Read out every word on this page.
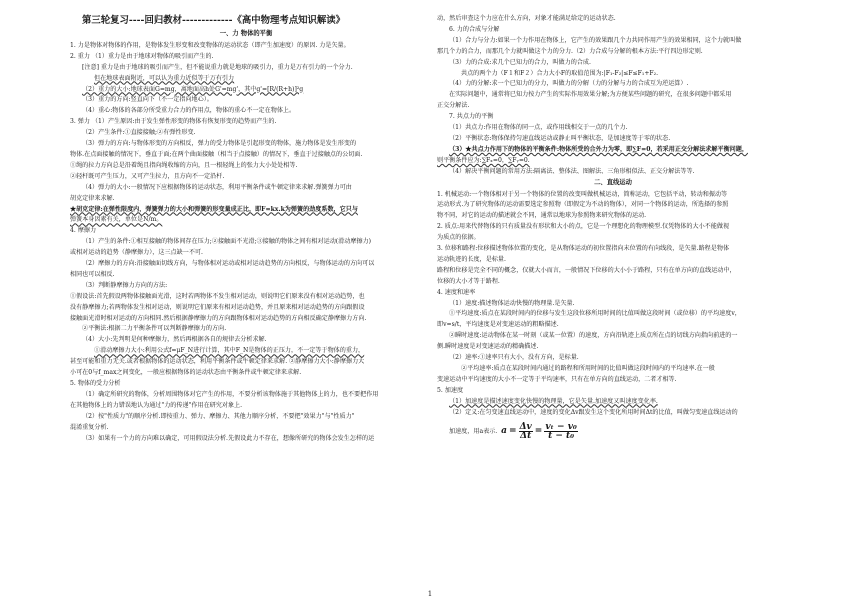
第三轮复习----回归教材-------------《高中物理考点知识解读》
一、力 物体的平衡
1. 力是物体对物体的作用，是物体发生形变和改变物体的运动状态（即产生加速度）的原因. 力是矢量。
2. 重力 （1）重力是由于地球对物体的吸引而产生的.
[注意] 重力是由于地球的吸引而产生，但不能说重力就是地球的吸引力，重力是万有引力的一个分力.
但在地球表面附近，可以认为重力近似等于万有引力
（2）重力的大小:地球表面G=mg，离地面高h处G'=mg'，其中g'=[R/(R+h)]²g
（3）重力的方向:竖直向下（不一定指向地心）。
（4）重心:物体的各部分所受重力合力的作用点，物体的重心不一定在物体上。
3. 弹力 （1）产生原因:由于发生弹性形变的物体有恢复形变的趋势而产生的.
（2）产生条件:①直接接触;②有弹性形变.
（3）弹力的方向:与物体形变的方向相反，弹力的受力物体是引起形变的物体，施力物体是发生形变的
物体.在点面接触的情况下，垂直于面;在两个曲面接触（相当于点接触）的情况下，垂直于过接触点的公切面.
①绳的拉力方向总是沿着绳且指向绳收缩的方向，且一根轻绳上的张力大小处处相等.
②轻杆既可产生压力，又可产生拉力，且方向不一定沿杆.
（4）弹力的大小:一般情况下应根据物体的运动状态，利用平衡条件或牛顿定律来求解.弹簧弹力可由
胡克定律来求解.
★胡克定律:在弹性限度内，弹簧弹力的大小和弹簧的形变量成正比，即F=kx.k为弹簧的劲度系数，它只与
弹簧本身因素有关，单位是N/m。
4. 摩擦力
（1）产生的条件:①相互接触的物体间存在压力;②接触面不光滑;③接触的物体之间有相对运动(滑动摩擦力)
或相对运动的趋势（静摩擦力），这三点缺一不可.
（2）摩擦力的方向:沿接触面切线方向，与物体相对运动或相对运动趋势的方向相反，与物体运动的方向可以
相同也可以相反.
（3）判断静摩擦力方向的方法:
①假设法:首先假设两物体接触面光滑，这时若两物体不发生相对运动，则说明它们原来没有相对运动趋势，也
没有静摩擦力;若两物体发生相对运动，则说明它们原来有相对运动趋势，并且原来相对运动趋势的方向跟假设
接触面光滑时相对运动的方向相同.然后根据静摩擦力的方向跟物体相对运动趋势的方向相反确定静摩擦力方向.
②平衡法:根据二力平衡条件可以判断静摩擦力的方向.
（4）大小:先判明是何种摩擦力，然后再根据各自的规律去分析求解.
①滑动摩擦力大小:利用公式f=μF_N进行计算，其中F_N是物体的正压力，不一定等于物体的重力，
甚至可能和重力无关.或者根据物体的运动状态，利用平衡条件或牛顿定律来求解. ②静摩擦力大小:静摩擦力大
小可在0与f_max之间变化，一般应根据物体的运动状态由平衡条件或牛顿定律来求解.
5. 物体的受力分析
（1）确定所研究的物体，分析周围物体对它产生的作用，不要分析该物体施于其他物体上的力，也不要把作用
在其他物体上的力错误地认为通过"力的传递"作用在研究对象上.
（2）按"性质力"的顺序分析.即按重力、弹力、摩擦力、其他力顺序分析，不要把"效果力"与"性质力"
混淆重复分析.
（3）如果有一个力的方向难以确定，可用假设法分析.先假设此力不存在，想像所研究的物体会发生怎样的运
动，然后审查这个力应在什么方向，对象才能满足给定的运动状态.
6. 力的合成与分解
（1）合力与分力:如果一个力作用在物体上，它产生的效果跟几个力共同作用产生的效果相同，这个力就叫做
那几个力的合力，而那几个力就叫做这个力的分力.（2）力合成与分解的根本方法:平行四边形定则.
（3）力的合成:求几个已知力的合力，叫做力的合成.
共点的两个力（F１和F２）合力大小F的取值范围为:|F₁-F₂|≤F≤F₁+F₂.
（4）力的分解:求一个已知力的分力，叫做力的分解（力的分解与力的合成互为逆运算）.
在实际问题中，通常将已知力按力产生的实际作用效果分解;为方便某些问题的研究，在很多问题中都采用
正交分解法.
7. 共点力的平衡
（1）共点力:作用在物体的同一点，或作用线相交于一点的几个力.
（2）平衡状态:物体保持匀速直线运动或静止叫平衡状态，是加速度等于零的状态.
（3）★共点力作用下的物体的平衡条件:物体所受的合外力为零，即∑F=0，若采用正交分解法求解平衡问题，
则平衡条件应为:∑Fₓ=0，∑Fᵧ=0.
（4）解决平衡问题的常用方法:隔离法、整体法、图解法、三角形相似法、正交分解法等等.
二、直线运动
1. 机械运动:一个物体相对于另一个物体的位置的改变叫做机械运动，简称运动，它包括平动，转动和振动等
运动形式.为了研究物体的运动需要选定参照物（即假定为不动的物体），对同一个物体的运动，所选择的参照
物不同，对它的运动的描述就会不同，通常以地球为参照物来研究物体的运动.
2. 质点:用来代替物体的只有质量没有形状和大小的点，它是一个理想化的物理模型.仅凭物体的大小不能做视
为质点的依据。
3. 位移和路程:位移描述物体位置的变化，是从物体运动的初位置指向末位置的有向线段，是矢量.路程是物体
运动轨迹的长度，是标量.
路程和位移是完全不同的概念，仅就大小而言，一般情况下位移的大小小于路程，只有在单方向的直线运动中，
位移的大小才等于路程.
4. 速度和速率
（1）速度:描述物体运动快慢的物理量.是矢量.
①平均速度:质点在某段时间内的位移与发生这段位移所用时间的比值叫做这段时间（或位移）的平均速度v，
即v=s/t，平均速度是对变速运动的粗略描述.
②瞬时速度:运动物体在某一时刻（或某一位置）的速度，方向沿轨迹上质点所在点的切线方向指向前进的一
侧.瞬时速度是对变速运动的精确描述.
（2）速率:①速率只有大小，没有方向，是标量.
②平均速率:质点在某段时间内通过的路程和所用时间的比值叫做这段时间内的平均速率.在一般
变速运动中平均速度的大小不一定等于平均速率，只有在单方向的直线运动，二者才相等.
5. 加速度
（1）加速度是描述速度变化快慢的物理量，它是矢量.加速度又叫速度变化率.
（2）定义:在匀变速直线运动中，速度的变化Δv跟发生这个变化所用时间Δt的比值，叫做匀变速直线运动的
加速度，用a表示. $a = \frac{\Delta v}{\Delta t} = \frac{\text{vₜ − v₀}}{\text{t − t₀}}$
1
